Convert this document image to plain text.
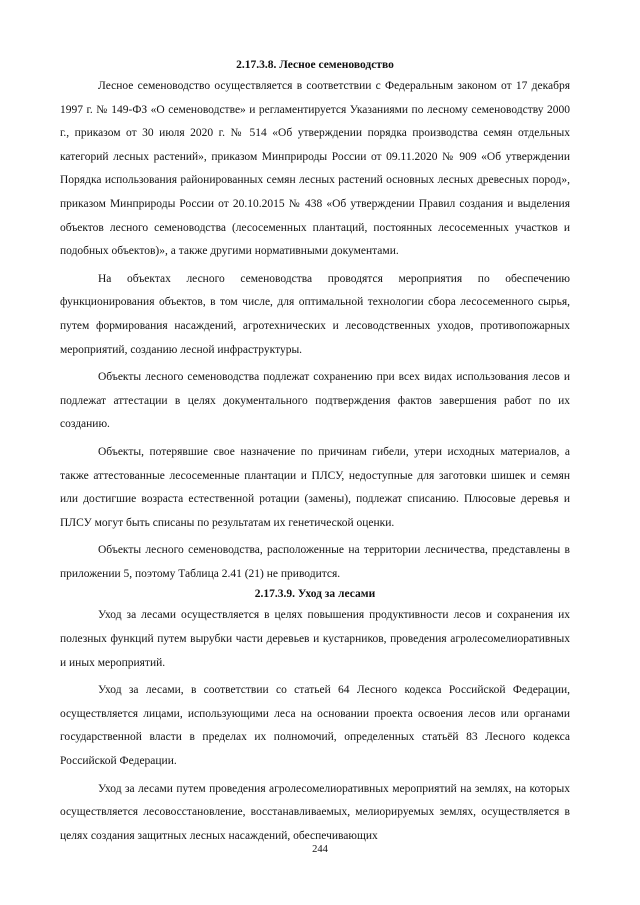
2.17.3.8. Лесное семеноводство

Лесное семеноводство осуществляется в соответствии с Федеральным законом от 17 декабря 1997 г. № 149-ФЗ «О семеноводстве» и регламентируется Указаниями по лесному семеноводству 2000 г., приказом от 30 июля 2020 г. № 514 «Об утверждении порядка производства семян отдельных категорий лесных растений», приказом Минприроды России от 09.11.2020 № 909 «Об утверждении Порядка использования районированных семян лесных растений основных лесных древесных пород», приказом Минприроды России от 20.10.2015 № 438 «Об утверждении Правил создания и выделения объектов лесного семеноводства (лесосеменных плантаций, постоянных лесосеменных участков и подобных объектов)», а также другими нормативными документами.

На объектах лесного семеноводства проводятся мероприятия по обеспечению функционирования объектов, в том числе, для оптимальной технологии сбора лесосеменного сырья, путем формирования насаждений, агротехнических и лесоводственных уходов, противопожарных мероприятий, созданию лесной инфраструктуры.

Объекты лесного семеноводства подлежат сохранению при всех видах использования лесов и подлежат аттестации в целях документального подтверждения фактов завершения работ по их созданию.

Объекты, потерявшие свое назначение по причинам гибели, утери исходных материалов, а также аттестованные лесосеменные плантации и ПЛСУ, недоступные для заготовки шишек и семян или достигшие возраста естественной ротации (замены), подлежат списанию. Плюсовые деревья и ПЛСУ могут быть списаны по результатам их генетической оценки.

Объекты лесного семеноводства, расположенные на территории лесничества, представлены в приложении 5, поэтому Таблица 2.41 (21) не приводится.

2.17.3.9. Уход за лесами

Уход за лесами осуществляется в целях повышения продуктивности лесов и сохранения их полезных функций путем вырубки части деревьев и кустарников, проведения агролесомелиоративных и иных мероприятий.

Уход за лесами, в соответствии со статьей 64 Лесного кодекса Российской Федерации, осуществляется лицами, использующими леса на основании проекта освоения лесов или органами государственной власти в пределах их полномочий, определенных статьёй 83 Лесного кодекса Российской Федерации.

Уход за лесами путем проведения агролесомелиоративных мероприятий на землях, на которых осуществляется лесовосстановление, восстанавливаемых, мелиорируемых землях, осуществляется в целях создания защитных лесных насаждений, обеспечивающих

244
